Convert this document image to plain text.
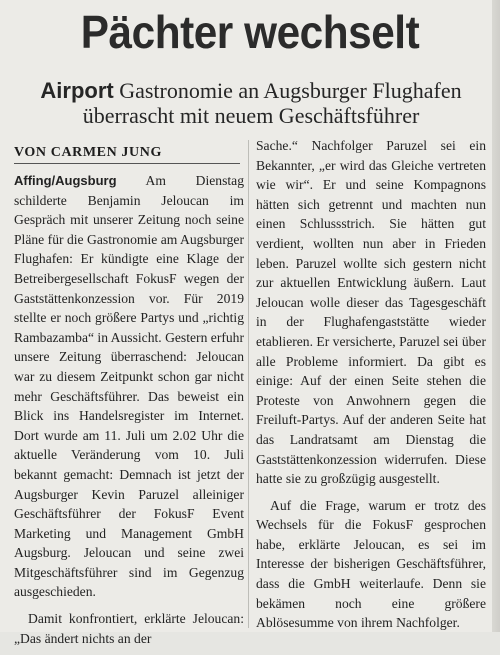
Pächter wechselt
Airport Gastronomie an Augsburger Flughafen überrascht mit neuem Geschäftsführer
VON CARMEN JUNG

Affing/Augsburg Am Dienstag schilderte Benjamin Jeloucan im Gespräch mit unserer Zeitung noch seine Pläne für die Gastronomie am Augsburger Flughafen: Er kündigte eine Klage der Betreibergesellschaft FokusF wegen der Gaststättenkonzession vor. Für 2019 stellte er noch größere Partys und „richtig Rambazamba“ in Aussicht. Gestern erfuhr unsere Zeitung überraschend: Jeloucan war zu diesem Zeitpunkt schon gar nicht mehr Geschäftsführer. Das beweist ein Blick ins Handelsregister im Internet. Dort wurde am 11. Juli um 2.02 Uhr die aktuelle Veränderung vom 10. Juli bekannt gemacht: Demnach ist jetzt der Augsburger Kevin Paruzel alleiniger Geschäftsführer der FokusF Event Marketing und Management GmbH Augsburg. Jeloucan und seine zwei Mitgeschäftsführer sind im Gegenzug ausgeschieden.

Damit konfrontiert, erklärte Jeloucan: „Das ändert nichts an der

Sache.“ Nachfolger Paruzel sei ein Bekannter, „er wird das Gleiche vertreten wie wir“. Er und seine Kompagnons hätten sich getrennt und machten nun einen Schlussstrich. Sie hätten gut verdient, wollten nun aber in Frieden leben. Paruzel wollte sich gestern nicht zur aktuellen Entwicklung äußern. Laut Jeloucan wolle dieser das Tagesgeschäft in der Flughafengaststätte wieder etablieren. Er versicherte, Paruzel sei über alle Probleme informiert. Da gibt es einige: Auf der einen Seite stehen die Proteste von Anwohnern gegen die Freiluft-Partys. Auf der anderen Seite hat das Landratsamt am Dienstag die Gaststättenkonzession widerrufen. Diese hatte sie zu großzügig ausgestellt.

Auf die Frage, warum er trotz des Wechsels für die FokusF gesprochen habe, erklärte Jeloucan, es sei im Interesse der bisherigen Geschäftsführer, dass die GmbH weiterlaufe. Denn sie bekämen noch eine größere Ablösesumme von ihrem Nachfolger.
